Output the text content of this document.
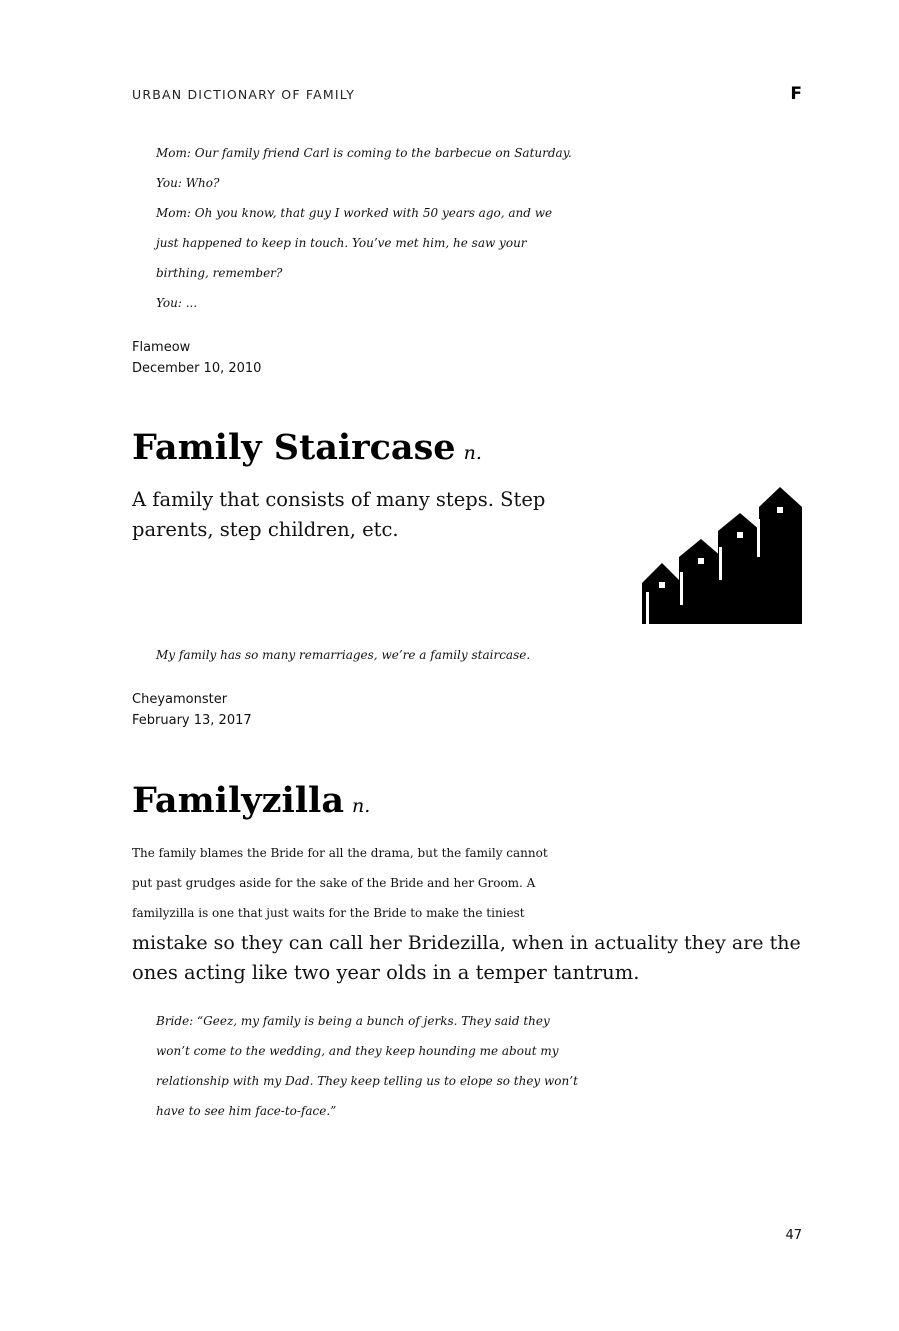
URBAN DICTIONARY OF FAMILY	F
Mom: Our family friend Carl is coming to the barbecue on Saturday.
You: Who?
Mom: Oh you know, that guy I worked with 50 years ago, and we
just happened to keep in touch. You’ve met him, he saw your
birthing, remember?
You: ...
Flameow
December 10, 2010
Family Staircase n.
A family that consists of many steps. Step
parents, step children, etc.
My family has so many remarriages, we’re a family staircase.
Cheyamonster
February 13, 2017
Familyzilla n.
The family blames the Bride for all the drama, but the family cannot
put past grudges aside for the sake of the Bride and her Groom. A
familyzilla is one that just waits for the Bride to make the tiniest
mistake so they can call her Bridezilla, when in actuality they are the
ones acting like two year olds in a temper tantrum.
Bride: “Geez, my family is being a bunch of jerks. They said they
won’t come to the wedding, and they keep hounding me about my
relationship with my Dad. They keep telling us to elope so they won’t
have to see him face-to-face.”
47
